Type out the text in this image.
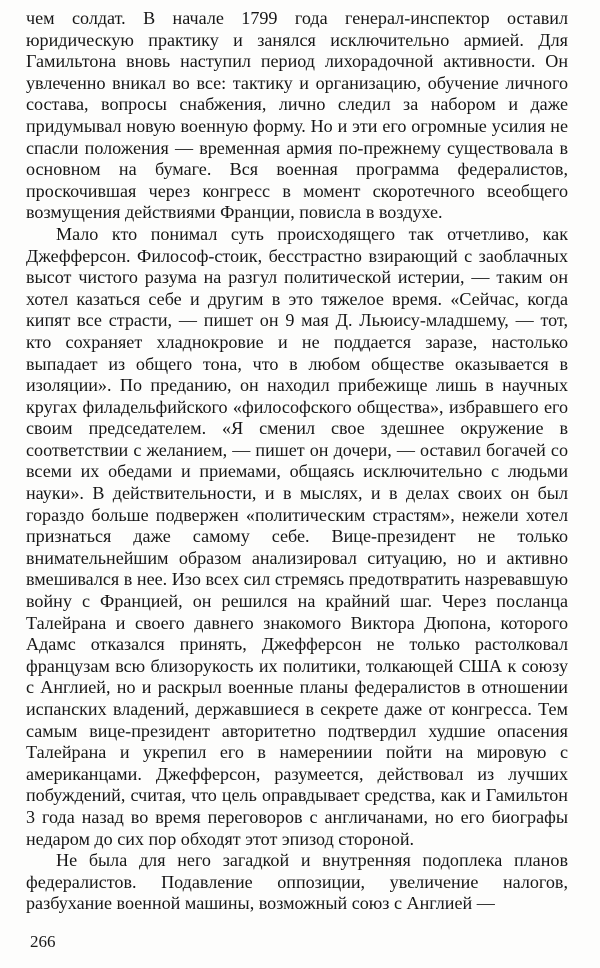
чем солдат. В начале 1799 года генерал-инспектор оставил юридическую практику и занялся исключительно армией. Для Гамильтона вновь наступил период лихорадочной активности. Он увлеченно вникал во все: тактику и организацию, обучение личного состава, вопросы снабжения, лично следил за набором и даже придумывал новую военную форму. Но и эти его огромные усилия не спасли положения — временная армия по-прежнему существовала в основном на бумаге. Вся военная программа федералистов, проскочившая через конгресс в момент скоротечного всеобщего возмущения действиями Франции, повисла в воздухе.

Мало кто понимал суть происходящего так отчетливо, как Джефферсон. Философ-стоик, бесстрастно взирающий с заоблачных высот чистого разума на разгул политической истерии, — таким он хотел казаться себе и другим в это тяжелое время. «Сейчас, когда кипят все страсти, — пишет он 9 мая Д. Льюису-младшему, — тот, кто сохраняет хладнокровие и не поддается заразе, настолько выпадает из общего тона, что в любом обществе оказывается в изоляции». По преданию, он находил прибежище лишь в научных кругах филадельфийского «философского общества», избравшего его своим председателем. «Я сменил свое здешнее окружение в соответствии с желанием, — пишет он дочери, — оставил богачей со всеми их обедами и приемами, общаясь исключительно с людьми науки». В действительности, и в мыслях, и в делах своих он был гораздо больше подвержен «политическим страстям», нежели хотел признаться даже самому себе. Вице-президент не только внимательнейшим образом анализировал ситуацию, но и активно вмешивался в нее. Изо всех сил стремясь предотвратить назревавшую войну с Францией, он решился на крайний шаг. Через посланца Талейрана и своего давнего знакомого Виктора Дюпона, которого Адамс отказался принять, Джефферсон не только растолковал французам всю близорукость их политики, толкающей США к союзу с Англией, но и раскрыл военные планы федералистов в отношении испанских владений, державшиеся в секрете даже от конгресса. Тем самым вице-президент авторитетно подтвердил худшие опасения Талейрана и укрепил его в намерениии пойти на мировую с американцами. Джефферсон, разумеется, действовал из лучших побуждений, считая, что цель оправдывает средства, как и Гамильтон 3 года назад во время переговоров с англичанами, но его биографы недаром до сих пор обходят этот эпизод стороной.

Не была для него загадкой и внутренняя подоплека планов федералистов. Подавление оппозиции, увеличение налогов, разбухание военной машины, возможный союз с Англией —

266
